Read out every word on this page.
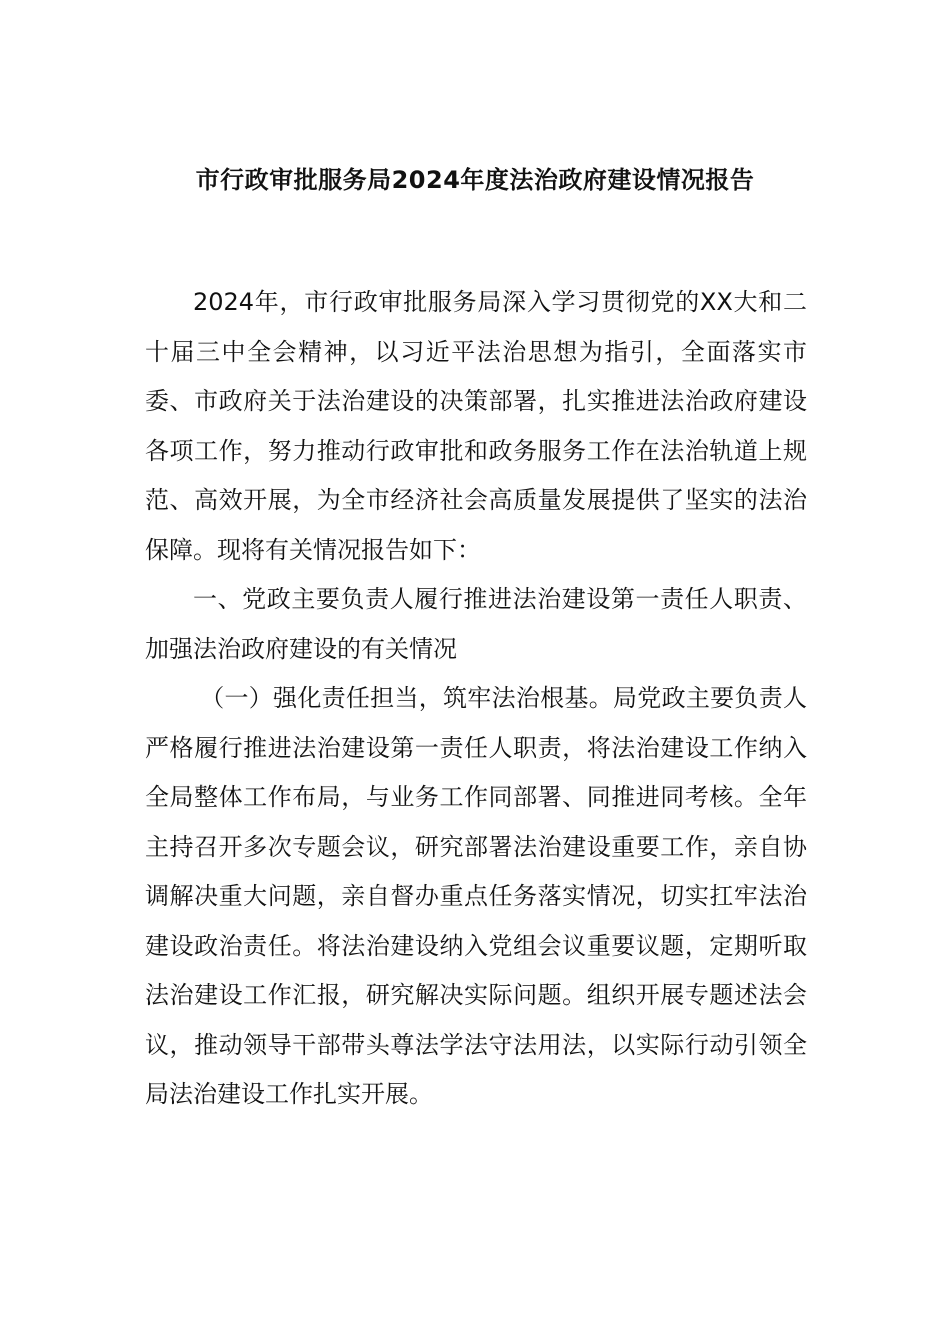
市行政审批服务局2024年度法治政府建设情况报告

2024年，市行政审批服务局深入学习贯彻党的XX大和二十届三中全会精神，以习近平法治思想为指引，全面落实市委、市政府关于法治建设的决策部署，扎实推进法治政府建设各项工作，努力推动行政审批和政务服务工作在法治轨道上规范、高效开展，为全市经济社会高质量发展提供了坚实的法治保障。现将有关情况报告如下：

一、党政主要负责人履行推进法治建设第一责任人职责、加强法治政府建设的有关情况

（一）强化责任担当，筑牢法治根基。局党政主要负责人严格履行推进法治建设第一责任人职责，将法治建设工作纳入全局整体工作布局，与业务工作同部署、同推进同考核。全年主持召开多次专题会议，研究部署法治建设重要工作，亲自协调解决重大问题，亲自督办重点任务落实情况，切实扛牢法治建设政治责任。将法治建设纳入党组会议重要议题，定期听取法治建设工作汇报，研究解决实际问题。组织开展专题述法会议，推动领导干部带头尊法学法守法用法，以实际行动引领全局法治建设工作扎实开展。
